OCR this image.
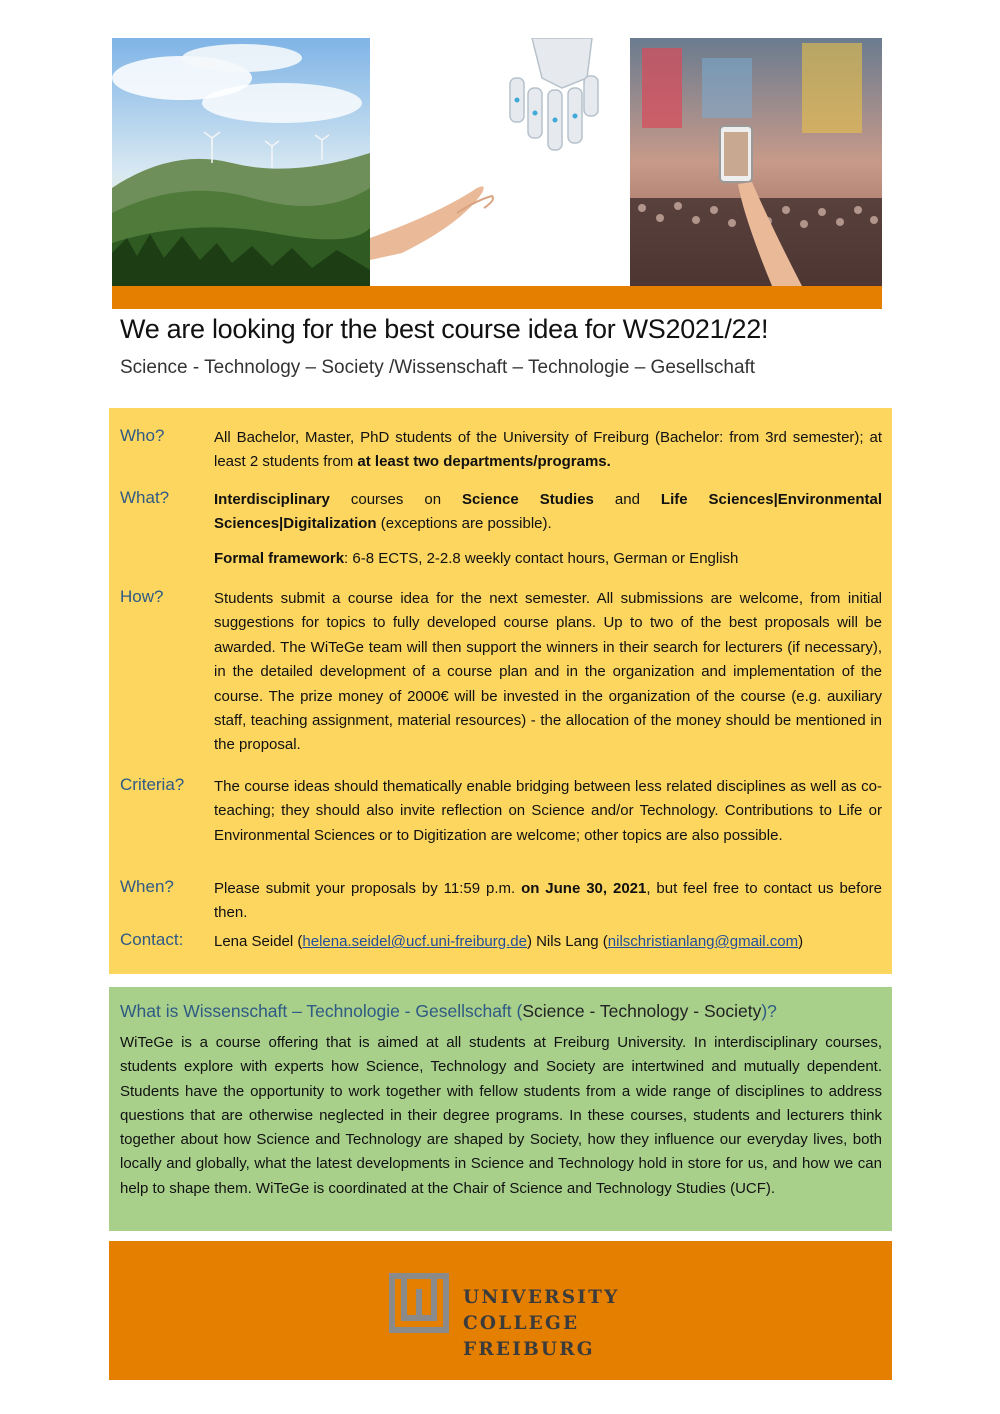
We are looking for the best course idea for WS2021/22!
Science - Technology – Society /Wissenschaft – Technologie – Gesellschaft
Who?	All Bachelor, Master, PhD students of the University of Freiburg (Bachelor: from 3rd semester); at least 2 students from at least two departments/programs.
What?	Interdisciplinary courses on Science Studies and Life Sciences|Environmental Sciences|Digitalization (exceptions are possible).
Formal framework: 6-8 ECTS, 2-2.8 weekly contact hours, German or English
How?	Students submit a course idea for the next semester. All submissions are welcome, from initial suggestions for topics to fully developed course plans. Up to two of the best proposals will be awarded. The WiTeGe team will then support the winners in their search for lecturers (if necessary), in the detailed development of a course plan and in the organization and implementation of the course. The prize money of 2000€ will be invested in the organization of the course (e.g. auxiliary staff, teaching assignment, material resources) - the allocation of the money should be mentioned in the proposal.
Criteria? The course ideas should thematically enable bridging between less related disciplines as well as co-teaching; they should also invite reflection on Science and/or Technology. Contributions to Life or Environmental Sciences or to Digitization are welcome; other topics are also possible.
When?	Please submit your proposals by 11:59 p.m. on June 30, 2021, but feel free to contact us before then.
Contact: Lena Seidel (helena.seidel@ucf.uni-freiburg.de) Nils Lang (nilschristianlang@gmail.com)
What is Wissenschaft – Technologie - Gesellschaft (Science - Technology - Society)?
WiTeGe is a course offering that is aimed at all students at Freiburg University. In interdisciplinary courses, students explore with experts how Science, Technology and Society are intertwined and mutually dependent. Students have the opportunity to work together with fellow students from a wide range of disciplines to address questions that are otherwise neglected in their degree programs. In these courses, students and lecturers think together about how Science and Technology are shaped by Society, how they influence our everyday lives, both locally and globally, what the latest developments in Science and Technology hold in store for us, and how we can help to shape them. WiTeGe is coordinated at the Chair of Science and Technology Studies (UCF).
UNIVERSITY
COLLEGE
FREIBURG
